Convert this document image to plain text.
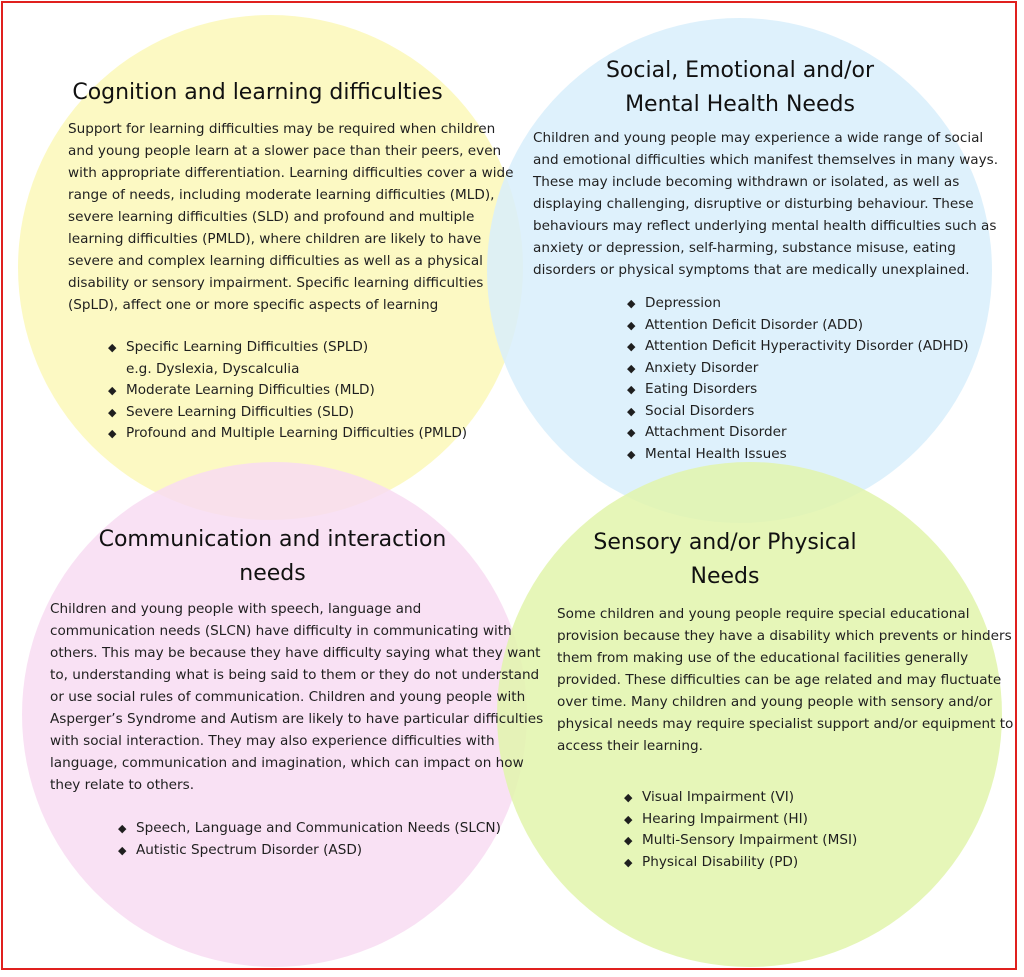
Cognition and learning difficulties
Support for learning difficulties may be required when children
and young people learn at a slower pace than their peers, even
with appropriate differentiation. Learning difficulties cover a wide
range of needs, including moderate learning difficulties (MLD),
severe learning difficulties (SLD) and profound and multiple
learning difficulties (PMLD), where children are likely to have
severe and complex learning difficulties as well as a physical
disability or sensory impairment. Specific learning difficulties
(SpLD), affect one or more specific aspects of learning
◆ Specific Learning Difficulties (SPLD)
e.g. Dyslexia, Dyscalculia
◆ Moderate Learning Difficulties (MLD)
◆ Severe Learning Difficulties (SLD)
◆ Profound and Multiple Learning Difficulties (PMLD)
Social, Emotional and/or
Mental Health Needs
Children and young people may experience a wide range of social
and emotional difficulties which manifest themselves in many ways.
These may include becoming withdrawn or isolated, as well as
displaying challenging, disruptive or disturbing behaviour. These
behaviours may reflect underlying mental health difficulties such as
anxiety or depression, self-harming, substance misuse, eating
disorders or physical symptoms that are medically unexplained.
◆ Depression
◆ Attention Deficit Disorder (ADD)
◆ Attention Deficit Hyperactivity Disorder (ADHD)
◆ Anxiety Disorder
◆ Eating Disorders
◆ Social Disorders
◆ Attachment Disorder
◆ Mental Health Issues
Communication and interaction
needs
Children and young people with speech, language and
communication needs (SLCN) have difficulty in communicating with
others. This may be because they have difficulty saying what they want
to, understanding what is being said to them or they do not understand
or use social rules of communication. Children and young people with
Asperger’s Syndrome and Autism are likely to have particular difficulties
with social interaction. They may also experience difficulties with
language, communication and imagination, which can impact on how
they relate to others.
◆ Speech, Language and Communication Needs (SLCN)
◆ Autistic Spectrum Disorder (ASD)
Sensory and/or Physical
Needs
Some children and young people require special educational
provision because they have a disability which prevents or hinders
them from making use of the educational facilities generally
provided. These difficulties can be age related and may fluctuate
over time. Many children and young people with sensory and/or
physical needs may require specialist support and/or equipment to
access their learning.
◆ Visual Impairment (VI)
◆ Hearing Impairment (HI)
◆ Multi-Sensory Impairment (MSI)
◆ Physical Disability (PD)
